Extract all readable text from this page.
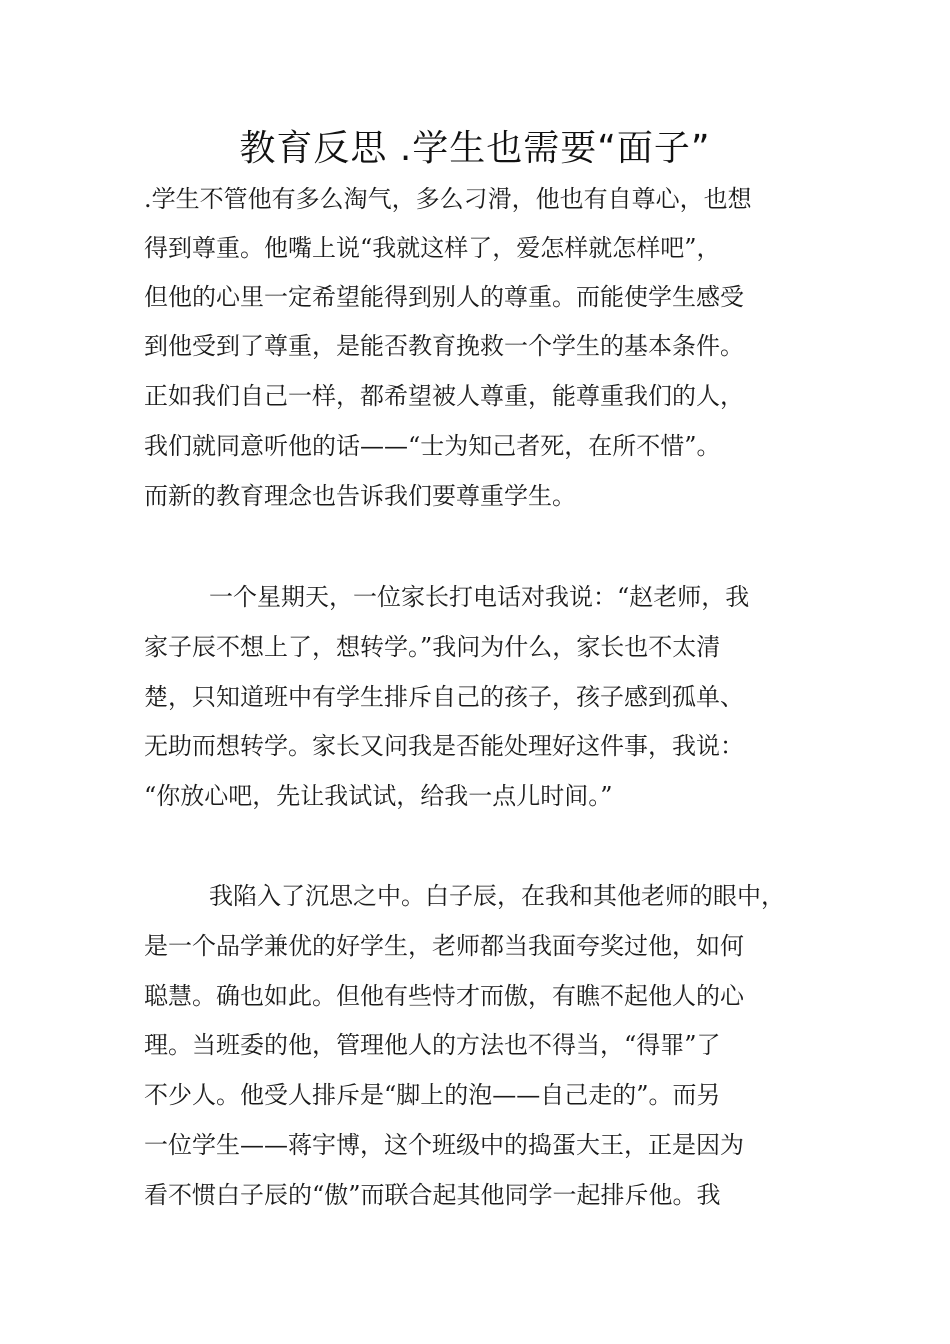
教育反思 .学生也需要“面子”
.学生不管他有多么淘气，多么刁滑，他也有自尊心，也想
得到尊重。他嘴上说“我就这样了，爱怎样就怎样吧”，
但他的心里一定希望能得到别人的尊重。而能使学生感受
到他受到了尊重，是能否教育挽救一个学生的基本条件。
正如我们自己一样，都希望被人尊重，能尊重我们的人，
我们就同意听他的话——“士为知己者死，在所不惜”。
而新的教育理念也告诉我们要尊重学生。
一个星期天，一位家长打电话对我说：“赵老师，我
家子辰不想上了，想转学。”我问为什么，家长也不太清
楚，只知道班中有学生排斥自己的孩子，孩子感到孤单、
无助而想转学。家长又问我是否能处理好这件事，我说：
“你放心吧，先让我试试，给我一点儿时间。”
我陷入了沉思之中。白子辰，在我和其他老师的眼中，
是一个品学兼优的好学生，老师都当我面夸奖过他，如何
聪慧。确也如此。但他有些恃才而傲，有瞧不起他人的心
理。当班委的他，管理他人的方法也不得当，“得罪”了
不少人。他受人排斥是“脚上的泡——自己走的”。而另
一位学生——蒋宇博，这个班级中的捣蛋大王，正是因为
看不惯白子辰的“傲”而联合起其他同学一起排斥他。我
